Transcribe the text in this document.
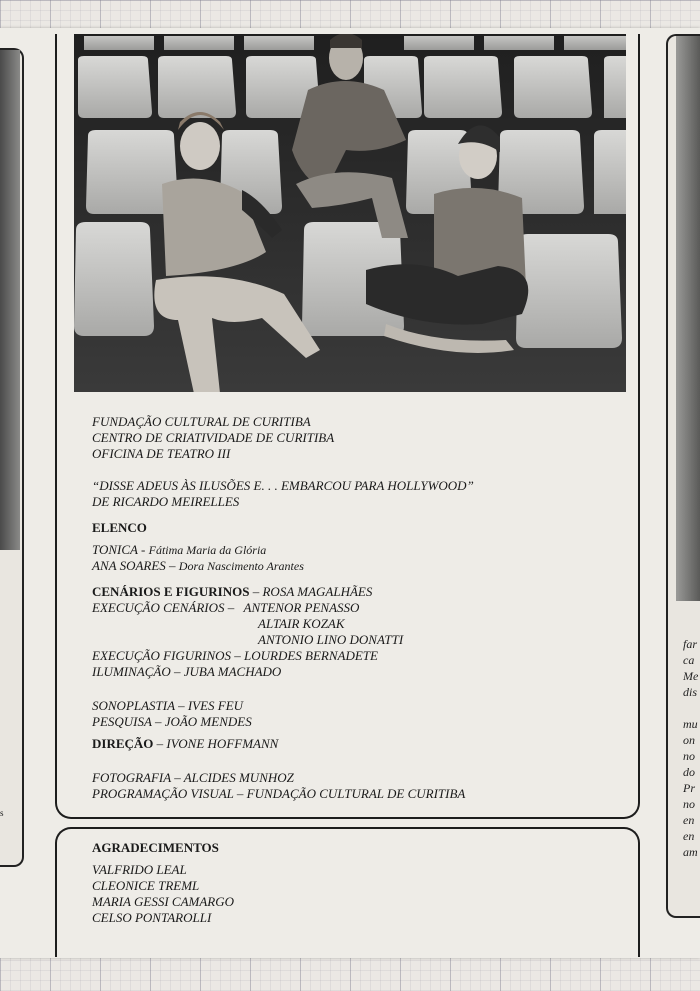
s
far
ca
Me
dis
mu
on
no
do
Pr
no
en
en
am
FUNDAÇÃO CULTURAL DE CURITIBA
CENTRO DE CRIATIVIDADE DE CURITIBA
OFICINA DE TEATRO III
“DISSE ADEUS ÀS ILUSÕES E. . . EMBARCOU PARA HOLLYWOOD”
DE RICARDO MEIRELLES
ELENCO
TONICA - Fátima Maria da Glória
ANA SOARES – Dora Nascimento Arantes
CENÁRIOS E FIGURINOS – ROSA MAGALHÃES
EXECUÇÃO CENÁRIOS – ANTENOR PENASSO
ALTAIR KOZAK
ANTONIO LINO DONATTI
EXECUÇÃO FIGURINOS – LOURDES BERNADETE
ILUMINAÇÃO – JUBA MACHADO
SONOPLASTIA – IVES FEU
PESQUISA – JOÃO MENDES
DIREÇÃO – IVONE HOFFMANN
FOTOGRAFIA – ALCIDES MUNHOZ
PROGRAMAÇÃO VISUAL – FUNDAÇÃO CULTURAL DE CURITIBA
AGRADECIMENTOS
VALFRIDO LEAL
CLEONICE TREML
MARIA GESSI CAMARGO
CELSO PONTAROLLI
